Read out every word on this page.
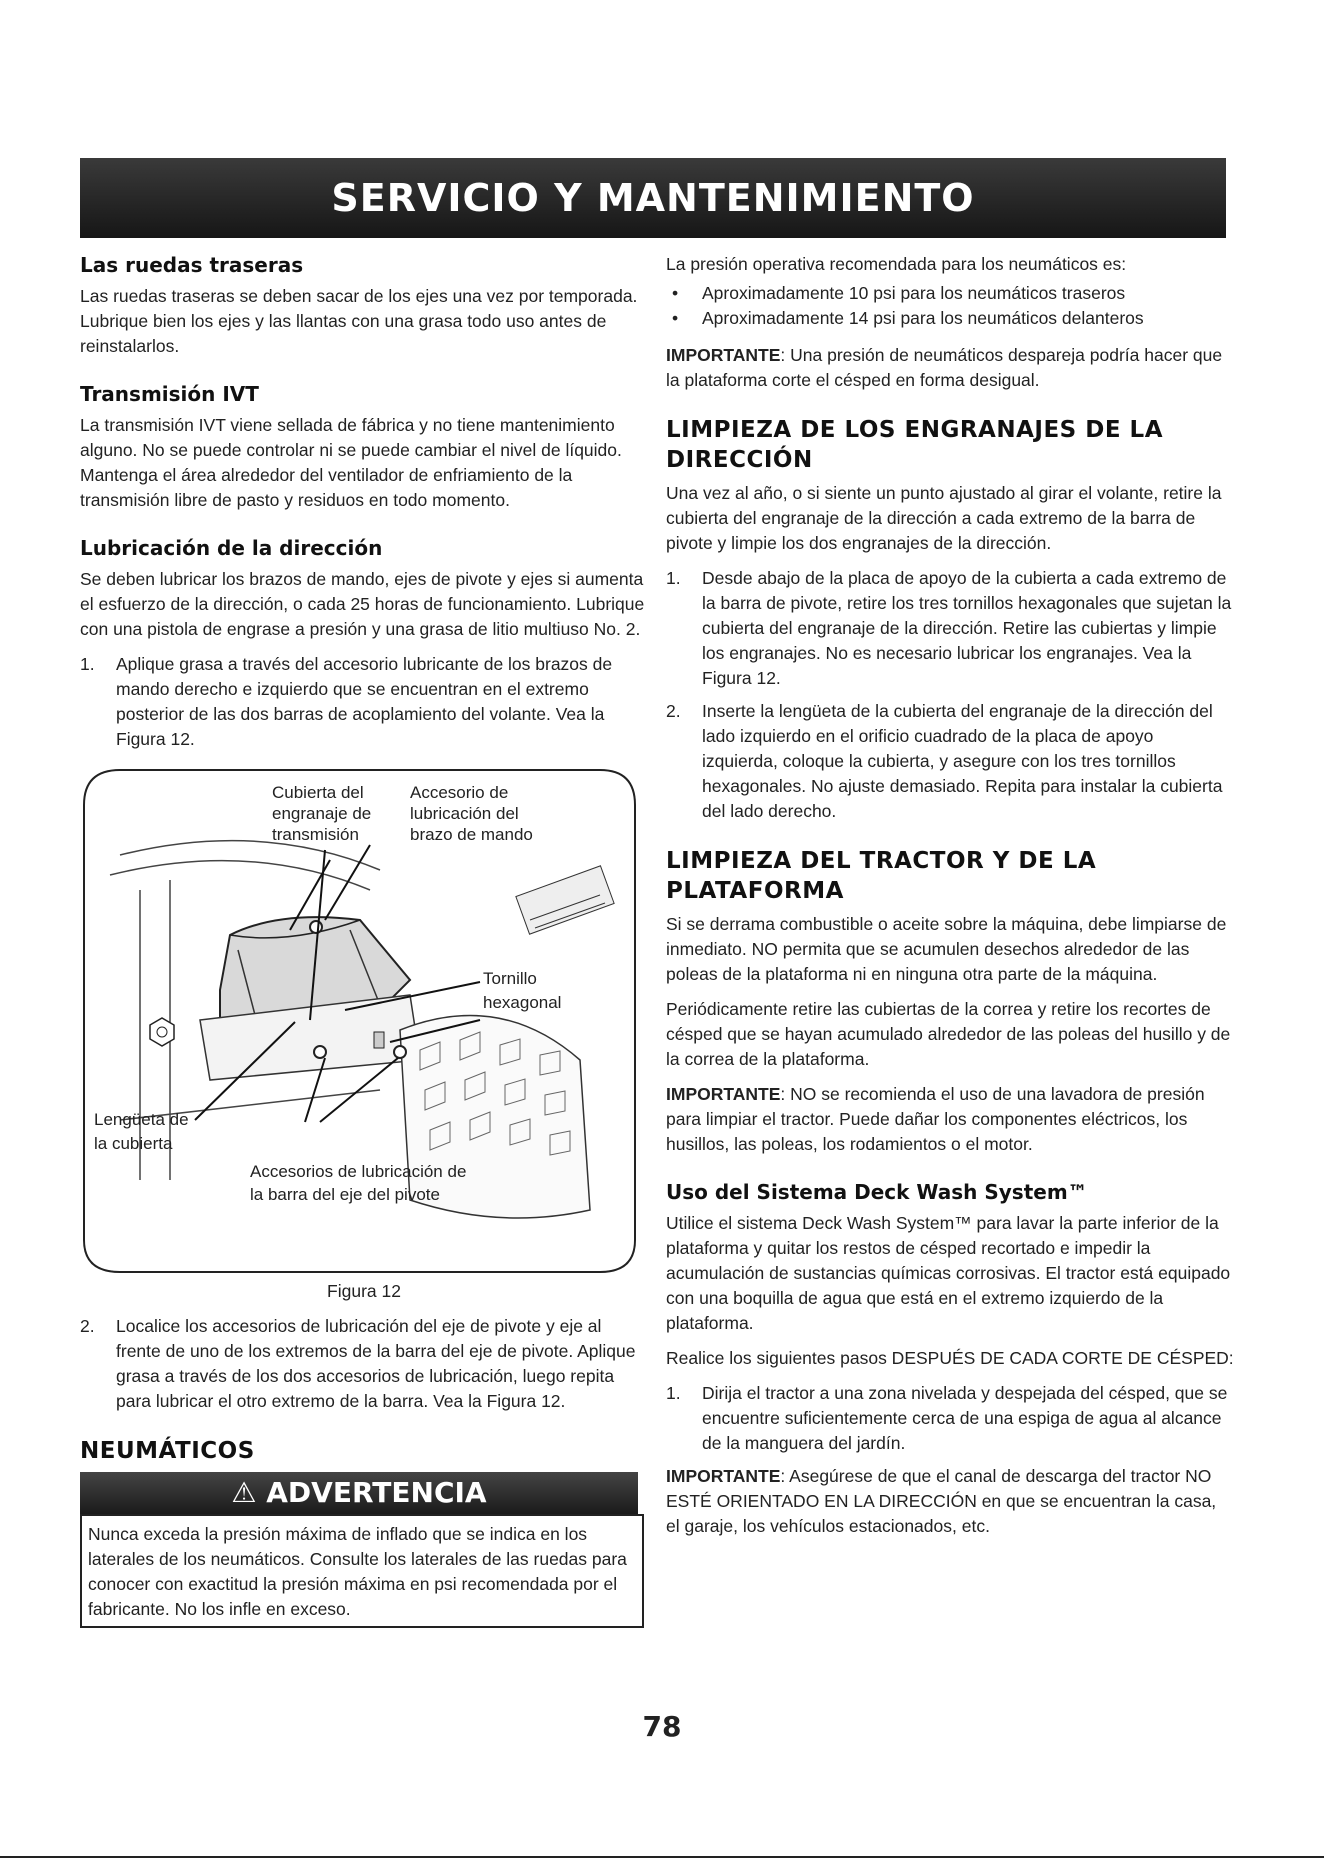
SERVICIO Y MANTENIMIENTO
Las ruedas traseras

Las ruedas traseras se deben sacar de los ejes una vez por temporada. Lubrique bien los ejes y las llantas con una grasa todo uso antes de reinstalarlos.

Transmisión IVT

La transmisión IVT viene sellada de fábrica y no tiene mantenimiento alguno. No se puede controlar ni se puede cambiar el nivel de líquido. Mantenga el área alrededor del ventilador de enfriamiento de la transmisión libre de pasto y residuos en todo momento.

Lubricación de la dirección

Se deben lubricar los brazos de mando, ejes de pivote y ejes si aumenta el esfuerzo de la dirección, o cada 25 horas de funcionamiento. Lubrique con una pistola de engrase a presión y una grasa de litio multiuso No. 2.

1. Aplique grasa a través del accesorio lubricante de los brazos de mando derecho e izquierdo que se encuentran en el extremo posterior de las dos barras de acoplamiento del volante. Vea la Figura 12.
Cubierta del
engranaje de
transmisión
Accesorio de
lubricación del
brazo de mando
Tornillo
hexagonal
Lengüeta de
la cubierta
Accesorios de lubricación de
la barra del eje del pivote
Figura 12
2. Localice los accesorios de lubricación del eje de pivote y eje al frente de uno de los extremos de la barra del eje de pivote. Aplique grasa a través de los dos accesorios de lubricación, luego repita para lubricar el otro extremo de la barra. Vea la Figura 12.
NEUMÁTICOS
⚠ ADVERTENCIA
Nunca exceda la presión máxima de inflado que se indica en los laterales de los neumáticos. Consulte los laterales de las ruedas para conocer con exactitud la presión máxima en psi recomendada por el fabricante. No los infle en exceso.

La presión operativa recomendada para los neumáticos es:

• Aproximadamente 10 psi para los neumáticos traseros
• Aproximadamente 14 psi para los neumáticos delanteros

IMPORTANTE: Una presión de neumáticos despareja podría hacer que la plataforma corte el césped en forma desigual.

LIMPIEZA DE LOS ENGRANAJES DE LA DIRECCIÓN

Una vez al año, o si siente un punto ajustado al girar el volante, retire la cubierta del engranaje de la dirección a cada extremo de la barra de pivote y limpie los dos engranajes de la dirección.

1. Desde abajo de la placa de apoyo de la cubierta a cada extremo de la barra de pivote, retire los tres tornillos hexagonales que sujetan la cubierta del engranaje de la dirección. Retire las cubiertas y limpie los engranajes. No es necesario lubricar los engranajes. Vea la Figura 12.
2. Inserte la lengüeta de la cubierta del engranaje de la dirección del lado izquierdo en el orificio cuadrado de la placa de apoyo izquierda, coloque la cubierta, y asegure con los tres tornillos hexagonales. No ajuste demasiado. Repita para instalar la cubierta del lado derecho.
LIMPIEZA DEL TRACTOR Y DE LA PLATAFORMA

Si se derrama combustible o aceite sobre la máquina, debe limpiarse de inmediato. NO permita que se acumulen desechos alrededor de las poleas de la plataforma ni en ninguna otra parte de la máquina.

Periódicamente retire las cubiertas de la correa y retire los recortes de césped que se hayan acumulado alrededor de las poleas del husillo y de la correa de la plataforma.

IMPORTANTE: NO se recomienda el uso de una lavadora de presión para limpiar el tractor. Puede dañar los componentes eléctricos, los husillos, las poleas, los rodamientos o el motor.

Uso del Sistema Deck Wash System™

Utilice el sistema Deck Wash System™ para lavar la parte inferior de la plataforma y quitar los restos de césped recortado e impedir la acumulación de sustancias químicas corrosivas. El tractor está equipado con una boquilla de agua que está en el extremo izquierdo de la plataforma.

Realice los siguientes pasos DESPUÉS DE CADA CORTE DE CÉSPED:

1. Dirija el tractor a una zona nivelada y despejada del césped, que se encuentre suficientemente cerca de una espiga de agua al alcance de la manguera del jardín.

IMPORTANTE: Asegúrese de que el canal de descarga del tractor NO ESTÉ ORIENTADO EN LA DIRECCIÓN en que se encuentran la casa, el garaje, los vehículos estacionados, etc.

78
